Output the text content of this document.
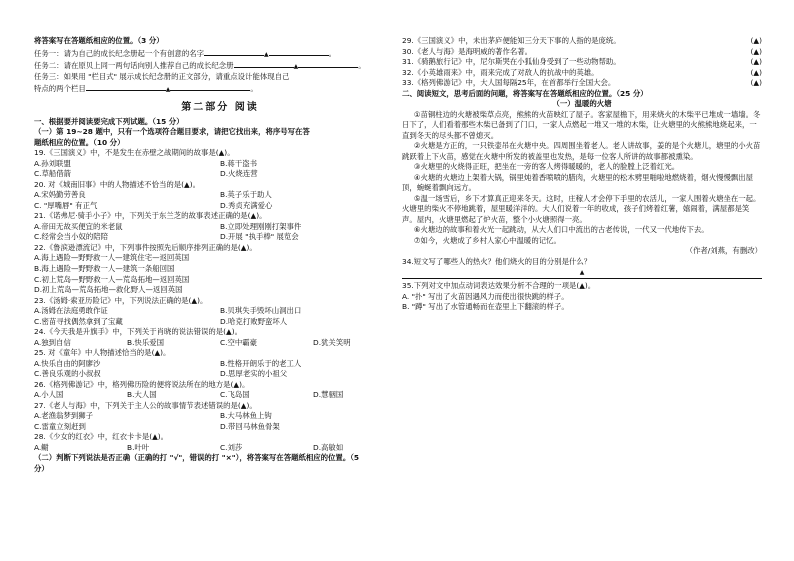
将答案写在答题纸相应的位置。（3 分）
任务一：请为自己的成长纪念册起一个有创意的名字	▲	。
任务二：请在原贝上同一两句话向别人推荐自己的成长纪念册	▲	。
任务三：如果用 "栏目式" 展示成长纪念册的正文部分，请重点设计能体现自己
特点的两个栏目	▲	。
第二部分 阅读
一、根据要并阅读要完成下列试题。（15 分）
（一）第 19~28 题中，只有一个选项符合题目要求，请把它找出来，将序号写在答
题纸相应的位置。（10 分）
19.《三国演义》中，不是发生在赤壁之战期间的故事是(▲)。
A.孙刘联盟	B.蒋干盗书
C.草船借箭	D.火烧连营
20. 对《城南旧事》中的人物描述不恰当的是(▲)。
A.宋妈勤劳善良	B.英子乐于助人
C. "厚嘴唇" 有正气	D.秀贞充满爱心
21.《诺弗尼·骑手小子》中，下列关于东兰芝的故事表述正确的是(▲)。
A.帝田无故买便宜的米老鼠	B.立即处理刚刚打架事件
C.经常会当小奴的陪陪	D.开展 "执手棒" 展览会
22.《鲁滨逊漂流记》中，下列事件按照先后顺序排列正确的是(▲)。
A.海上遇险—野野救一人—建筑住宅—返回英国
B.海上遇险—野野救一人—建筑一条船回国
C.初上荒岛—野野救一人—荒岛拓地—返回英国
D.初上荒岛—荒岛拓地—救化野人—返回英国
23.《汤姆·索亚历险记》中，下列说法正确的是(▲)。
A.汤姆在法庭勇敢作证	B.贝琪失手毁坏山洞出口
C.密苗寻找偶然拿到了宝藏	D.哈克打败野蛮坏人
24.《今天我是升旗手》中，下列关于肖晓的说法错误的是(▲)。
A.独到自信	B.快乐爱国	C.空中霸豪	D.犹关笑明
25. 对《童年》中人物描述恰当的是(▲)。
A.快乐自由的阿廖沙	B.性格开朗乐于的老工人
C.善良乐观的小叔叔	D.思厚老实的小祖父
26.《格列佛游记》中，格列佛历险的便将说法所在的地方是(▲)。
A.小人国	B.大人国	C.飞岛国	D.慧骃国
27.《老人与海》中，下列关于主人公的故事情节表述错误的是(▲)。
A.老渔翁梦到狮子	B.大马林鱼上钩
C.雷童立刻赶到	D.带回马林鱼骨架
28.《少女的红衣》中，红衣卡卡是(▲)。
A.鳚	B.叶叶	C.刘莎	D.高敏如
（二）判断下列说法是否正确（正确的打 "√"，错误的打 "×"），将答案写在答题纸相应的位置。（5
分）
29.《三国演义》中，未出茅庐便能知三分天下事的人指的是庞统。	(▲)
30.《老人与海》是海明威的著作名著。	(▲)
31.《骑鹅旅行记》中，尼尔斯哭在小狐仙身受到了一些动物帮助。	(▲)
32.《小英雄雨来》中，雨来完成了对敌人的抗战中的英雄。	(▲)
33.《格列佛游记》中，大人国每隔25年，在首都举行全国大会。	(▲)
二、阅读短文，思考后面的问题，将答案写在答题纸相应的位置。（25 分）
（一）温暖的火塘
①苗铜柱边的火塘被柴草点亮，熊熊的火苗映红了屋子。客家屋檐下，用来烧火的木柴平已堆成一墙墙。冬日下了，人们看着那些木柴已备到了门口，一家人点燃起一堆又一堆的木柴，让火塘里的火熊熊地烧起来，一直到冬天的尽头都不曾熄灭。
②火塘是方正的，一只铁壶吊在火塘中央。四周围坐着老人。老人讲故事，姜的是个火塘儿，塘里的小火苗跳跃着上下火苗，感觉在火塘中所发的被盖里也发热，是每一位客人所讲的故事都被熏染。
③火塘里的火烧得正旺，把坐在一旁的客人烤得暖暖的，老人的脸膛上泛着红光。
④火塘的火塘边上架着大锅，锅里炖着香喷喷的腊肉，火塘里的松木劈里啪啦地燃烧着，烟火慢慢飘出屋顶，蜿蜒着飘向远方。
⑤温一场雪后，乡下才算真正迎来冬天。这时，庄稼人才会停下手里的农活儿，一家人围着火塘坐在一起。火塘里的柴火不停地跳着，屋里暖洋洋的。大人们说着一年的收成，孩子们烤着红薯，嬉闹着，满屋都是笑声。屋内，火塘里燃起了炉火苗，整个小火塘照得一亮。
⑥火塘边的故事和着火光一起跳动，从大人们口中流出的古老传说，一代又一代地传下去。
⑦如今，火塘成了乡村人家心中温暖的记忆。
（作者/刘燕，有删改）
34.短文写了哪些人的热火？他们烧火的目的分别是什么？
▲
35.下列对文中加点动词表达效果分析不合理的一项是(▲)。
A. "扑" 写出了火苗因遇风力而使出很快跳的样子。
B. "蹲" 写出了水管通畅而在壶里上下翻滚的样子。
